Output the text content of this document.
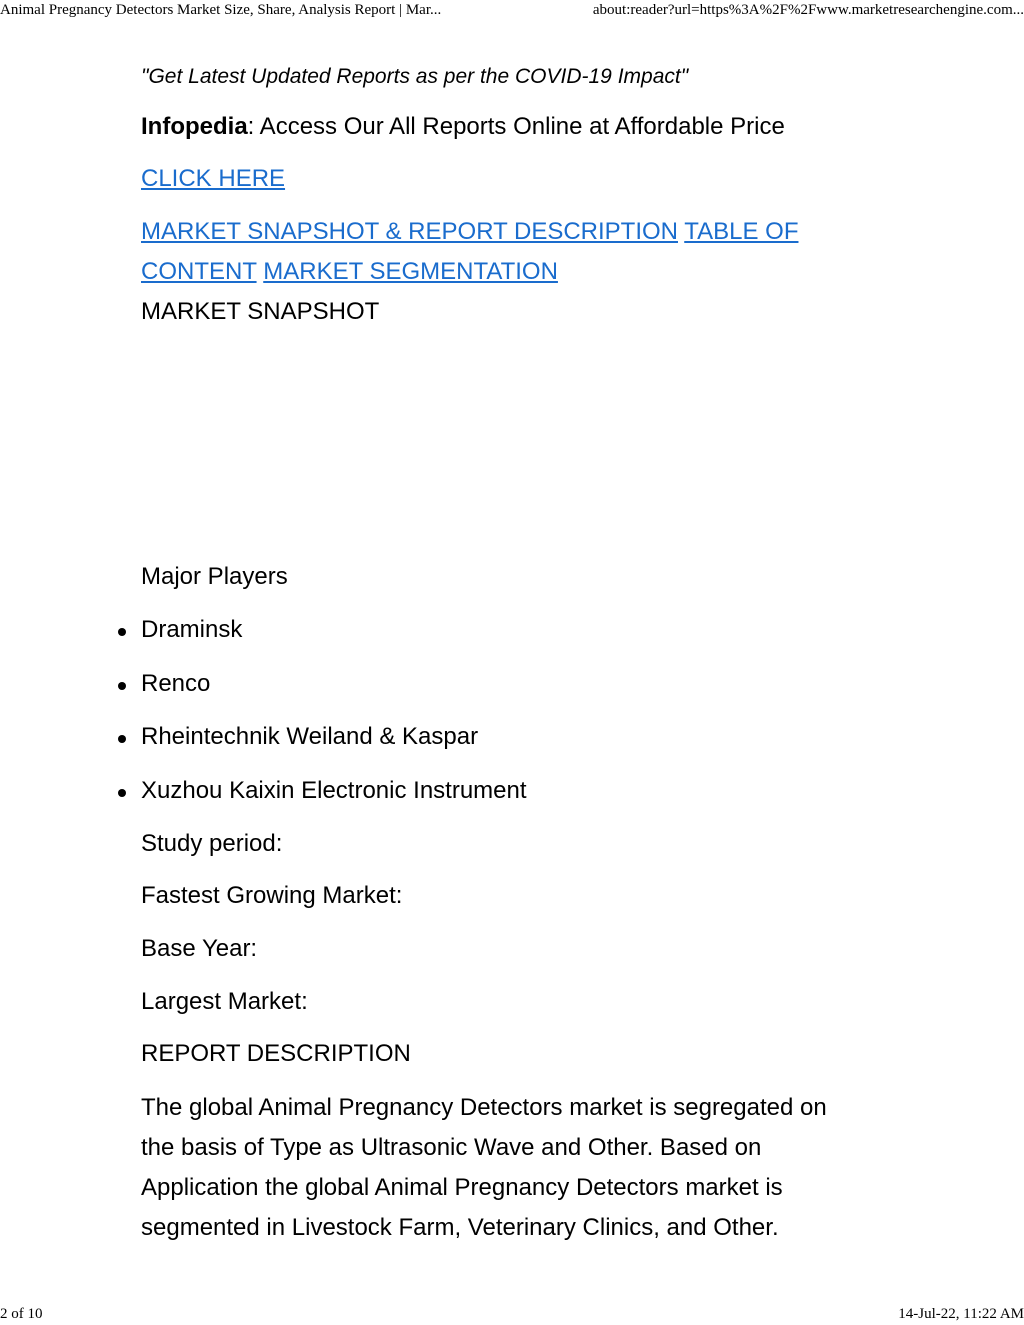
Animal Pregnancy Detectors Market Size, Share, Analysis Report | Mar...	about:reader?url=https%3A%2F%2Fwww.marketresearchengine.com...
"Get Latest Updated Reports as per the COVID-19 Impact"
Infopedia: Access Our All Reports Online at Affordable Price
CLICK HERE
MARKET SNAPSHOT & REPORT DESCRIPTION TABLE OF
CONTENT MARKET SEGMENTATION
MARKET SNAPSHOT
Major Players
Draminsk
Renco
Rheintechnik Weiland & Kaspar
Xuzhou Kaixin Electronic Instrument
Study period:
Fastest Growing Market:
Base Year:
Largest Market:
REPORT DESCRIPTION
The global Animal Pregnancy Detectors market is segregated on
the basis of Type as Ultrasonic Wave and Other. Based on
Application the global Animal Pregnancy Detectors market is
segmented in Livestock Farm, Veterinary Clinics, and Other.
2 of 10	14-Jul-22, 11:22 AM
